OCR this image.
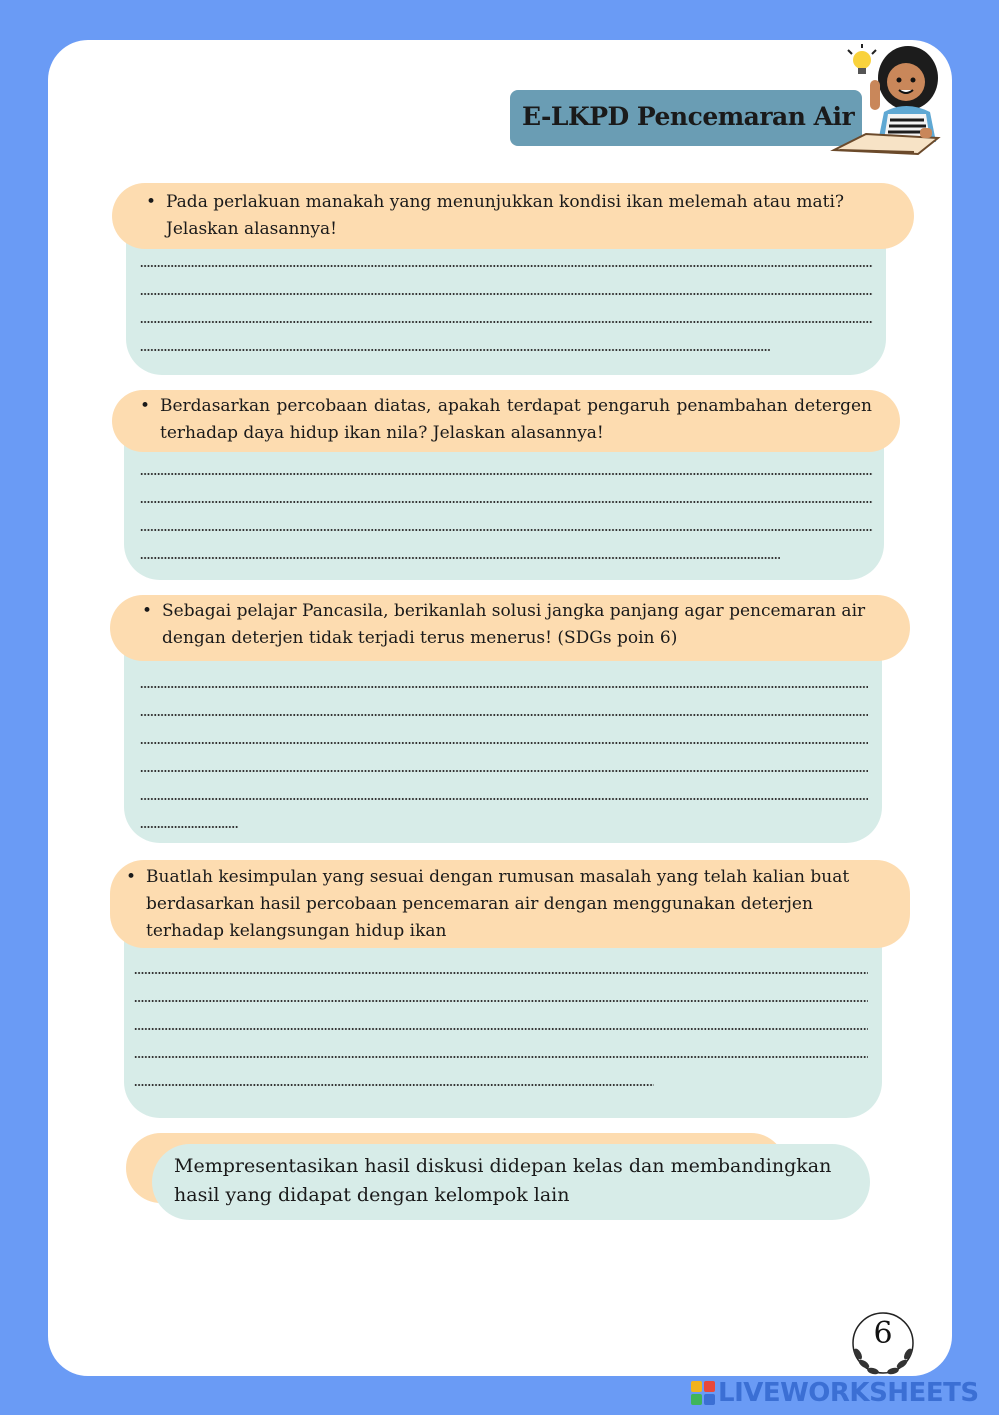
E-LKPD Pencemaran Air
• Pada perlakuan manakah yang menunjukkan kondisi ikan melemah atau mati? Jelaskan alasannya!
• Berdasarkan percobaan diatas, apakah terdapat pengaruh penambahan detergen terhadap daya hidup ikan nila? Jelaskan alasannya!
• Sebagai pelajar Pancasila, berikanlah solusi jangka panjang agar pencemaran air dengan deterjen tidak terjadi terus menerus! (SDGs poin 6)
• Buatlah kesimpulan yang sesuai dengan rumusan masalah yang telah kalian buat berdasarkan hasil percobaan pencemaran air dengan menggunakan deterjen terhadap kelangsungan hidup ikan
Mempresentasikan hasil diskusi didepan kelas dan membandingkan hasil yang didapat dengan kelompok lain
6
LIVEWORKSHEETS
